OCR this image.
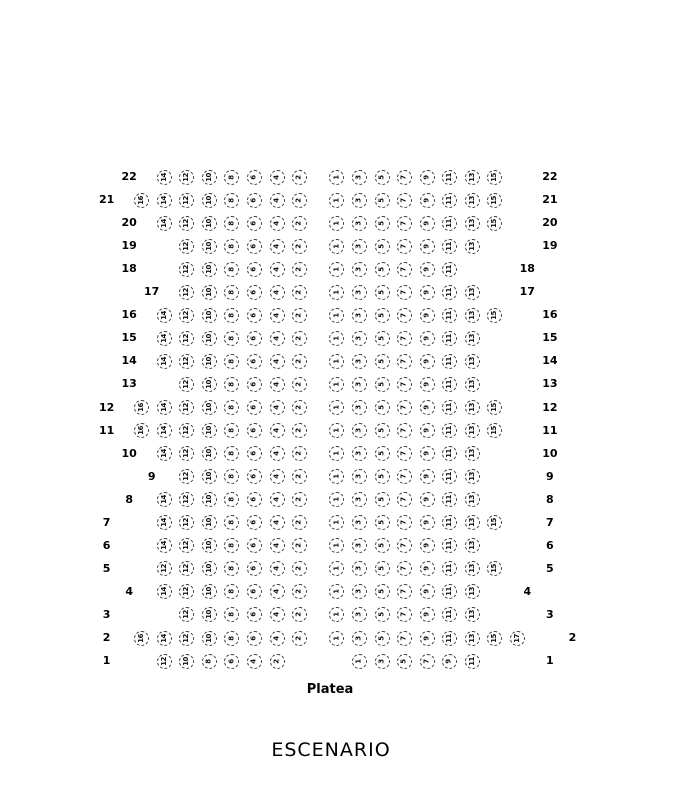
Platea
ESCENARIO
22	22
14 12 10 8 6 4 2	1 3 5 7 9 11 13 15
21	21
16 14 12 10 8 6 4 2	1 3 5 7 9 11 13 15
20	20
14 12 10 8 6 4 2	1 3 5 7 9 11 13 15
19	19
12 10 8 6 4 2	1 3 5 7 9 11 13
18	18
12 10 8 6 4 2	1 3 5 7 9 11
17	17
12 10 8 6 4 2	1 3 5 7 9 11 13
16	16
14 12 10 8 6 4 2	1 3 5 7 9 11 13 15
15	15
14 12 10 8 6 4 2	1 3 5 7 9 11 13
14	14
14 12 10 8 6 4 2	1 3 5 7 9 11 13
13	13
12 10 8 6 4 2	1 3 5 7 9 11 13
12	12
16 14 12 10 8 6 4 2	1 3 5 7 9 11 13 15
11	11
16 14 12 10 8 6 4 2	1 3 5 7 9 11 13 15
10	10
14 12 10 8 6 4 2	1 3 5 7 9 11 13
9	9
12 10 8 6 4 2	1 3 5 7 9 11 13
8	8
14 12 10 8 6 4 2	1 3 5 7 9 11 13
7	7
14 12 10 8 6 4 2	1 3 5 7 9 11 13 15
6	6
14 12 10 8 6 4 2	1 3 5 7 9 11 13
5	5
12 12 10 8 6 4 2	1 3 5 7 9 11 13 15
4	4
14 12 10 8 6 4 2	1 3 5 7 9 11 13
3	3
12 10 8 6 4 2	1 3 5 7 9 11 13
2	2
16 14 12 10 8 6 4 2	1 3 5 7 9 11 13 15 17
1	1
12 10 8 6 4 2	1 3 5 7 9 11
